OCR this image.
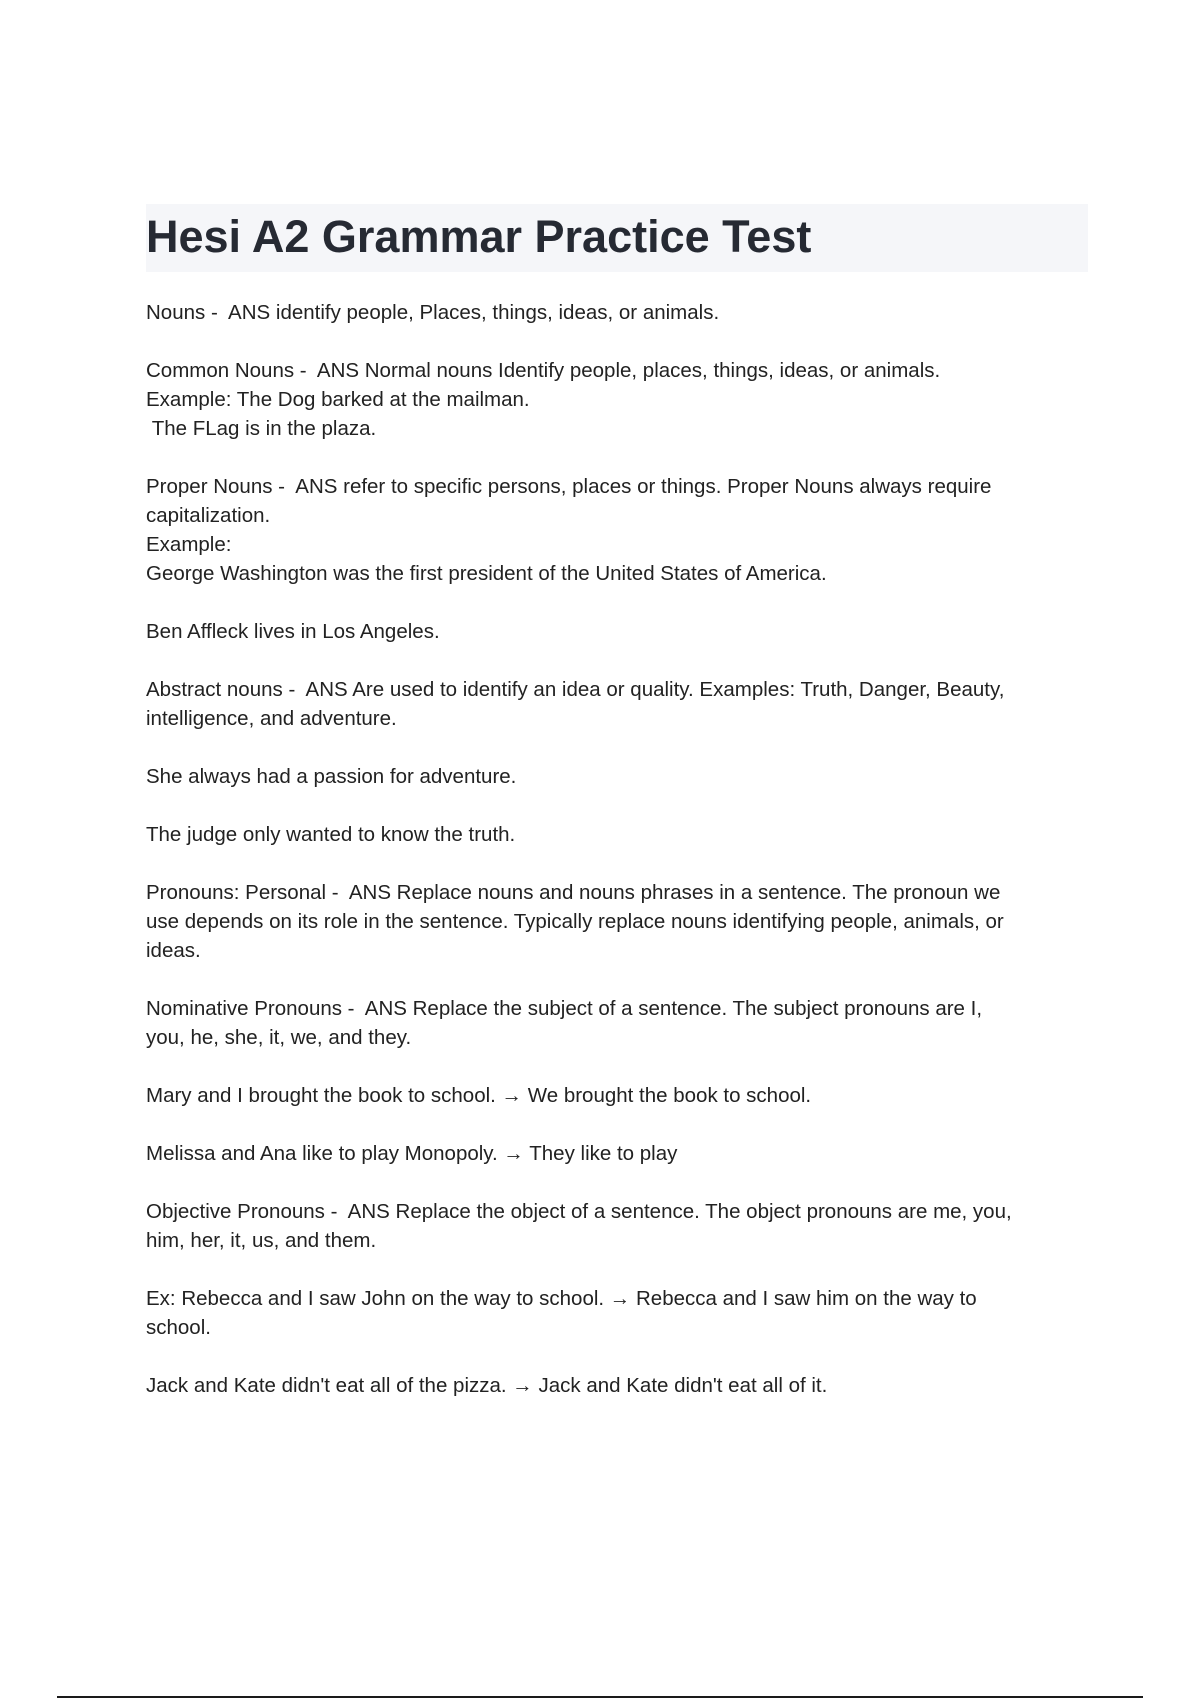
Hesi A2 Grammar Practice Test
Nouns -  ANS identify people, Places, things, ideas, or animals.
Common Nouns -  ANS Normal nouns Identify people, places, things, ideas, or animals.
Example: The Dog barked at the mailman.
The FLag is in the plaza.
Proper Nouns -  ANS refer to specific persons, places or things. Proper Nouns always require
capitalization.
Example:
George Washington was the first president of the United States of America.
Ben Affleck lives in Los Angeles.
Abstract nouns -  ANS Are used to identify an idea or quality. Examples: Truth, Danger, Beauty,
intelligence, and adventure.
She always had a passion for adventure.
The judge only wanted to know the truth.
Pronouns: Personal -  ANS Replace nouns and nouns phrases in a sentence. The pronoun we
use depends on its role in the sentence. Typically replace nouns identifying people, animals, or
ideas.
Nominative Pronouns -  ANS Replace the subject of a sentence. The subject pronouns are I,
you, he, she, it, we, and they.
Mary and I brought the book to school. → We brought the book to school.
Melissa and Ana like to play Monopoly. → They like to play
Objective Pronouns -  ANS Replace the object of a sentence. The object pronouns are me, you,
him, her, it, us, and them.
Ex: Rebecca and I saw John on the way to school. → Rebecca and I saw him on the way to
school.
Jack and Kate didn't eat all of the pizza. → Jack and Kate didn't eat all of it.
